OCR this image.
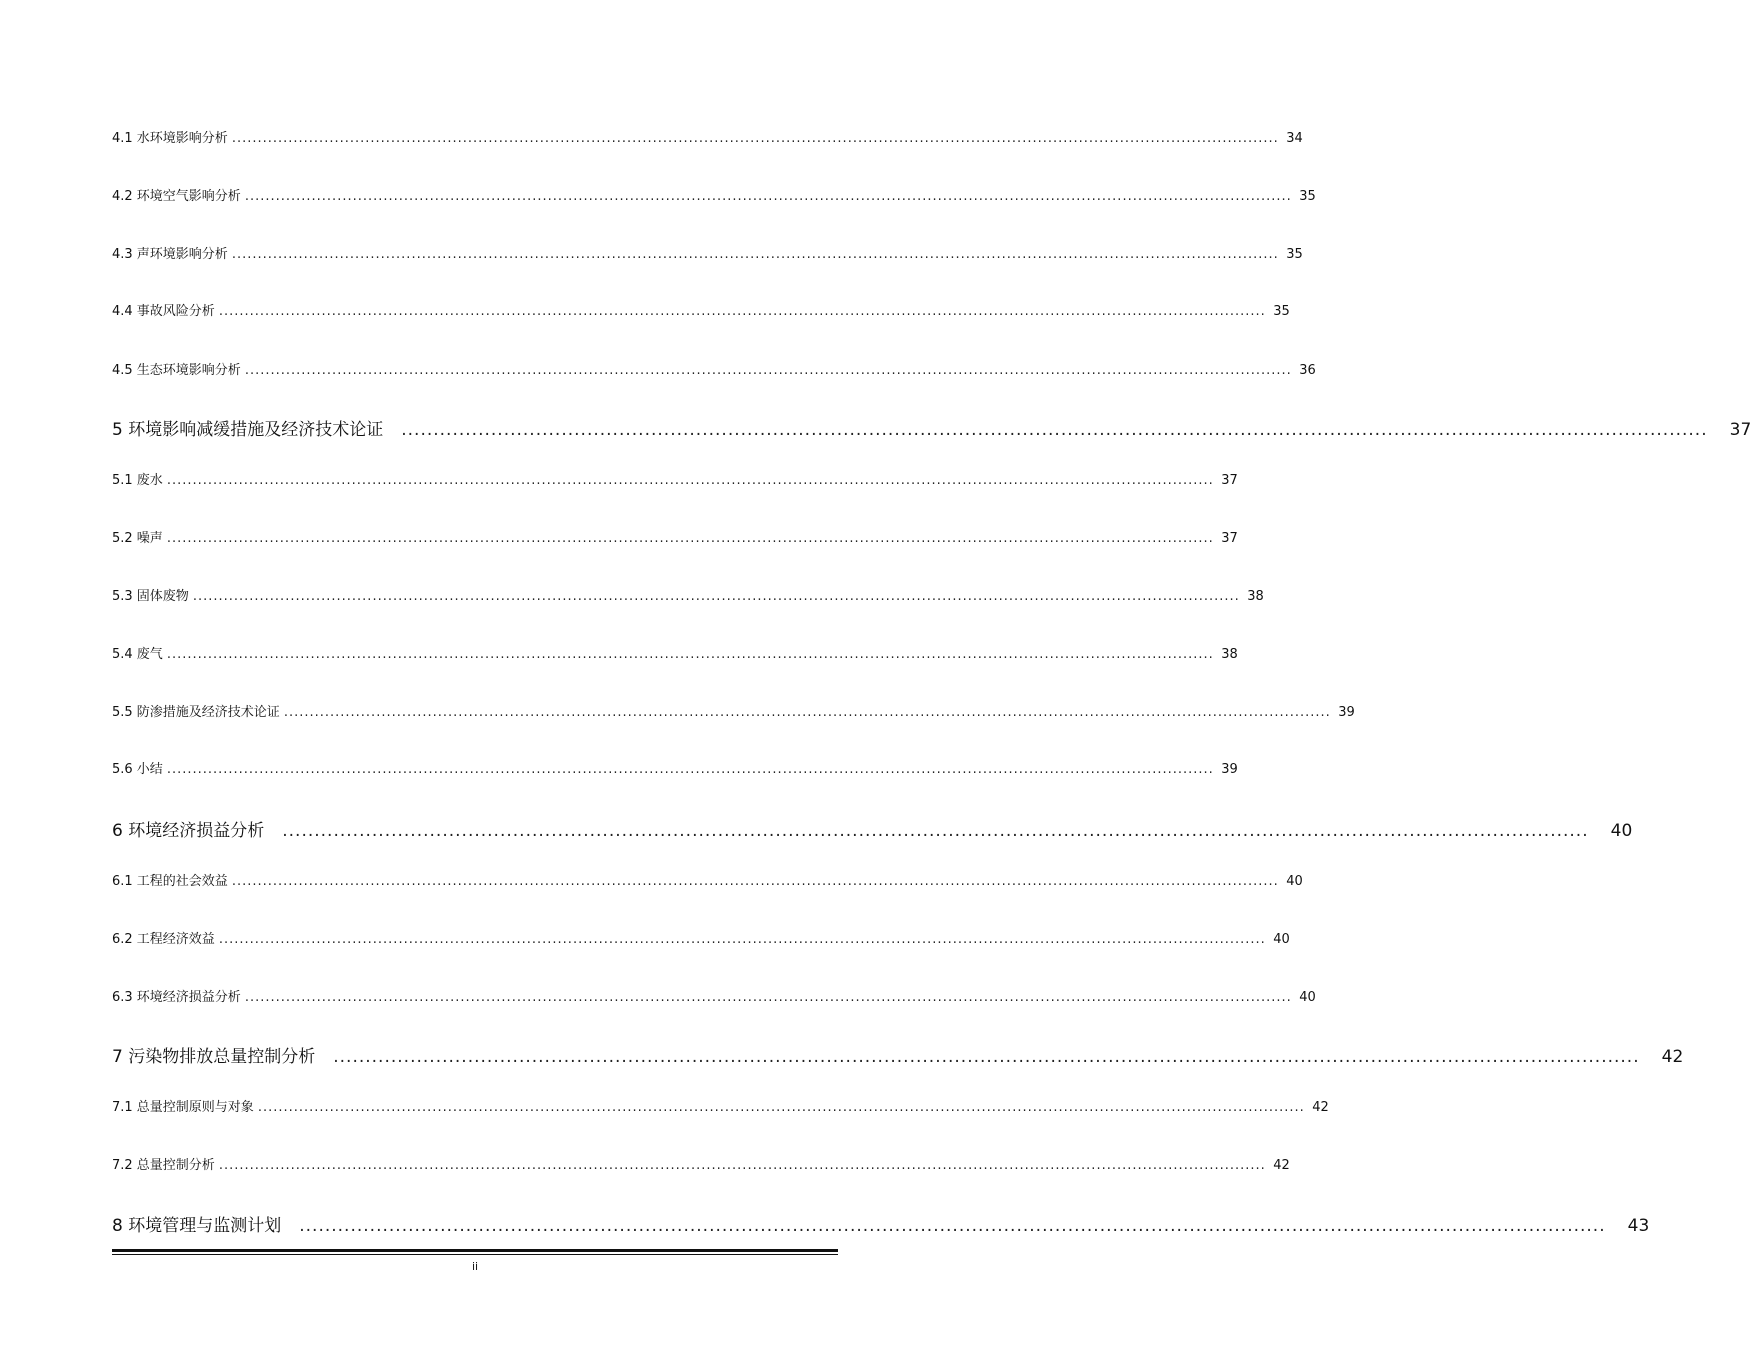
4.1 水环境影响分析 ............................................................................................................................................................................................................ 34
4.2 环境空气影响分析 ............................................................................................................................................................................................................ 35
4.3 声环境影响分析 ............................................................................................................................................................................................................ 35
4.4 事故风险分析 ............................................................................................................................................................................................................ 35
4.5 生态环境影响分析 ............................................................................................................................................................................................................ 36
5 环境影响减缓措施及经济技术论证 ............................................................................................................................................................................................................ 37
5.1 废水 ............................................................................................................................................................................................................ 37
5.2 噪声 ............................................................................................................................................................................................................ 37
5.3 固体废物 ............................................................................................................................................................................................................ 38
5.4 废气 ............................................................................................................................................................................................................ 38
5.5 防渗措施及经济技术论证 ............................................................................................................................................................................................................ 39
5.6 小结 ............................................................................................................................................................................................................ 39
6 环境经济损益分析 ............................................................................................................................................................................................................ 40
6.1 工程的社会效益 ............................................................................................................................................................................................................ 40
6.2 工程经济效益 ............................................................................................................................................................................................................ 40
6.3 环境经济损益分析 ............................................................................................................................................................................................................ 40
7 污染物排放总量控制分析 ............................................................................................................................................................................................................ 42
7.1 总量控制原则与对象 ............................................................................................................................................................................................................ 42
7.2 总量控制分析 ............................................................................................................................................................................................................ 42
8 环境管理与监测计划 ............................................................................................................................................................................................................ 43
ii
